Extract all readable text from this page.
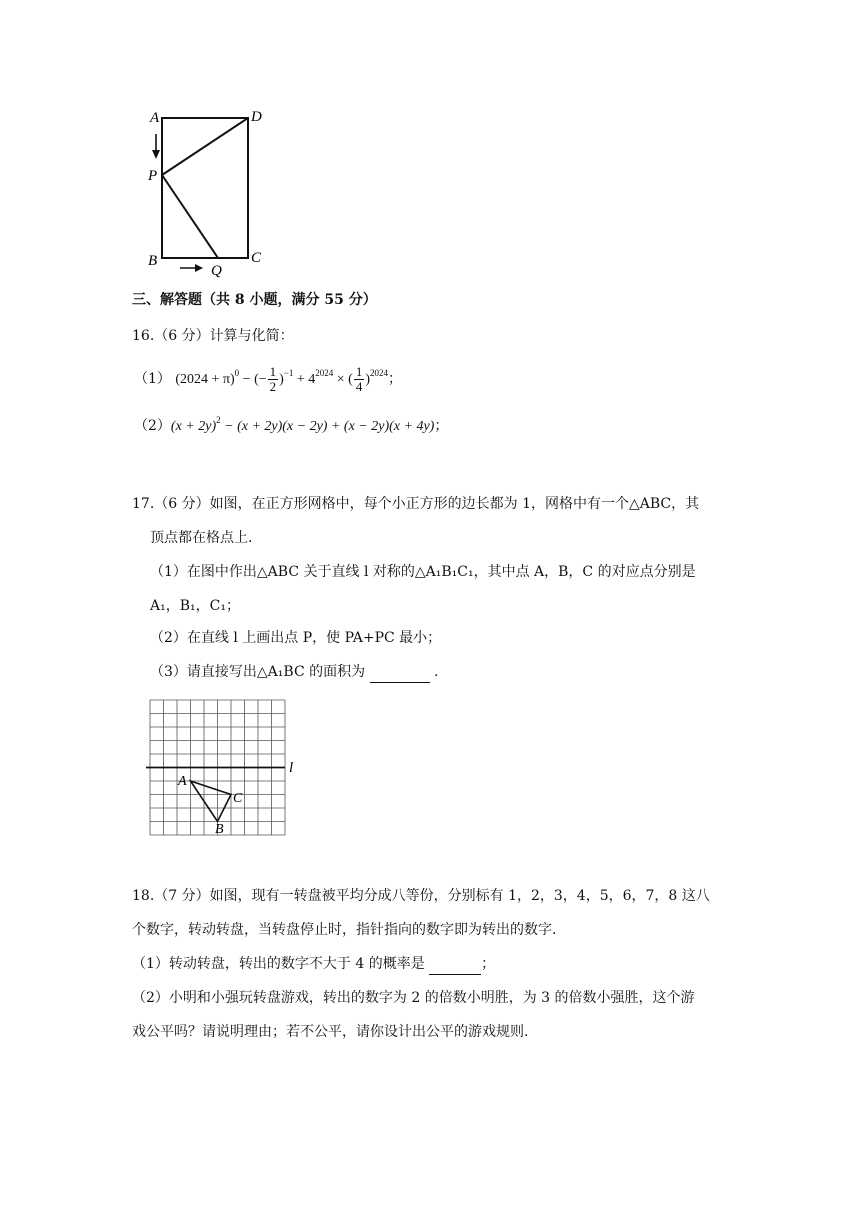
A	D
P
B	C
Q
三、解答题（共 8 小题，满分 55 分）
16.（6 分）计算与化简：
（1） $(2024 + \pi)^0$ − (− $\frac{1}{2} )^{-1} + 4^{2024}$ × ( $\frac{1}{4} )^{2024}$；
$(2)(x + 2y)^2 - (x + 2y)(x - 2y) + (x - 2y)(x + 4y)$；
17.（6 分）如图，在正方形网格中，每个小正方形的边长都为 1，网格中有一个△ABC，其
顶点都在格点上.
（1）在图中作出△ABC 关于直线 l 对称的△A₁B₁C₁，其中点 A，B，C 的对应点分别是
A₁，B₁，C₁；
（2）在直线 l 上画出点 P，使 PA+PC 最小；
（3）请直接写出△A₁BC 的面积为	.
l
A
C
B
18.（7 分）如图，现有一转盘被平均分成八等份，分别标有 1，2，3，4，5，6，7，8 这八
个数字，转动转盘，当转盘停止时，指针指向的数字即为转出的数字.
（1）转动转盘，转出的数字不大于 4 的概率是	；
（2）小明和小强玩转盘游戏，转出的数字为 2 的倍数小明胜，为 3 的倍数小强胜，这个游
戏公平吗？请说明理由；若不公平，请你设计出公平的游戏规则.
